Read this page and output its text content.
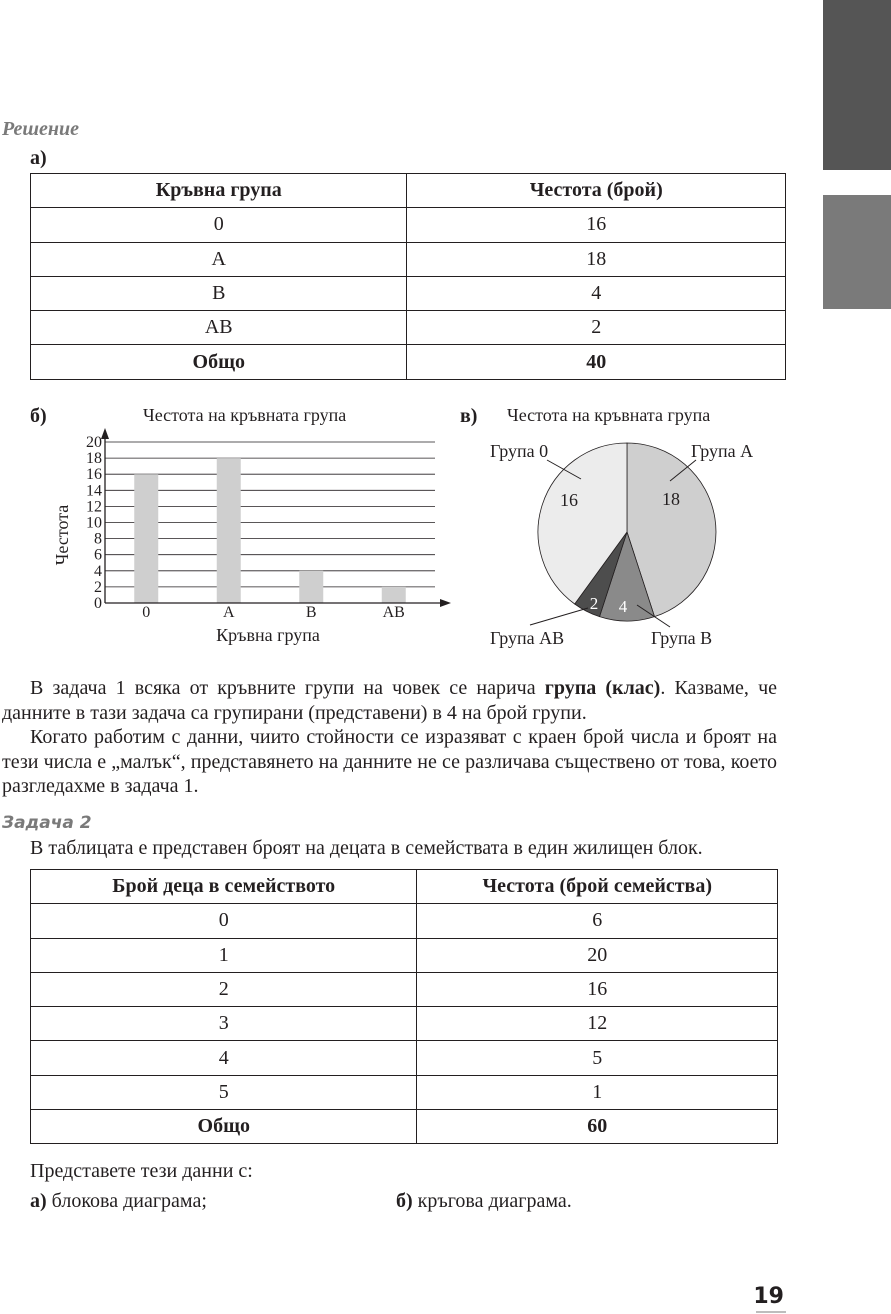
Решение
а)
Кръвна група	Честота (брой)
0	16
A	18
B	4
AB	2
Общо	40
б)	Честота на кръвната група
0
2
4
6
8
10
12
14
16
18
20
0	A	B	AB
Честота
Кръвна група
в) Честота на кръвната група
Група 0	Група A
Група AB	Група B
16	18
2 4
В задача 1 всяка от кръвните групи на човек се нарича група (клас). Казваме, че данните в тази задача са групирани (представени) в 4 на брой групи.
Когато работим с данни, чиито стойности се изразяват с краен брой числа и броят на тези числа е „малък“, представянето на данните не се различава съществено от това, което разгледахме в задача 1.
Задача 2
В таблицата е представен броят на децата в семействата в един жилищен блок.
Брой деца в семейството	Честота (брой семейства)
0	6
1	20
2	16
3	12
4	5
5	1
Общо	60
Представете тези данни с:
а) блокова диаграма;	б) кръгова диаграма.
19
